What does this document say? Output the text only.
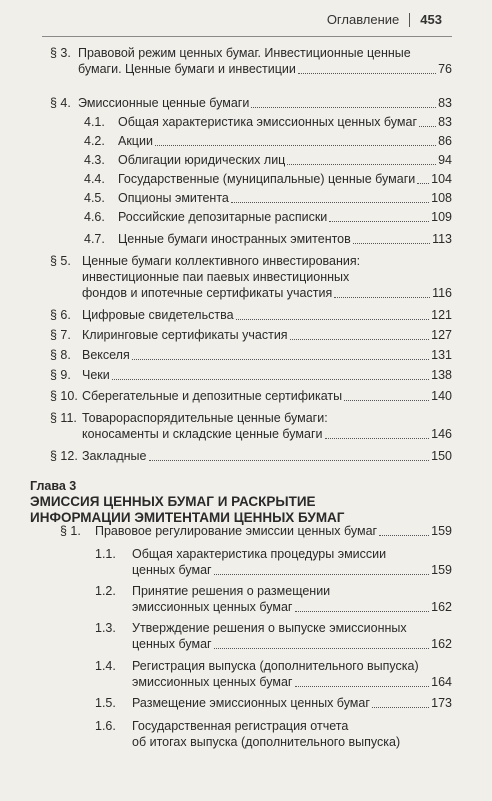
Оглавление 453
§ 3. Правовой режим ценных бумаг. Инвестиционные ценные
бумаги. Ценные бумаги и инвестиции	76
§ 4. Эмиссионные ценные бумаги	83
4.1. Общая характеристика эмиссионных ценных бумаг 83
4.2. Акции	86
4.3. Облигации юридических лиц	94
4.4. Государственные (муниципальные) ценные бумаги 104
4.5. Опционы эмитента	108
4.6. Российские депозитарные расписки	109
4.7. Ценные бумаги иностранных эмитентов	113
§ 5. Ценные бумаги коллективного инвестирования:
инвестиционные паи паевых инвестиционных
фондов и ипотечные сертификаты участия	116
§ 6. Цифровые свидетельства	121
§ 7. Клиринговые сертификаты участия	127
§ 8. Векселя	131
§ 9. Чеки	138
§ 10. Сберегательные и депозитные сертификаты	140
§ 11. Товарораспорядительные ценные бумаги:
коносаменты и складские ценные бумаги	146
§ 12. Закладные	150
§ 1. Правовое регулирование эмиссии ценных бумаг	159
1.1. Общая характеристика процедуры эмиссии
ценных бумаг	159
1.2. Принятие решения о размещении
эмиссионных ценных бумаг	162
1.3. Утверждение решения о выпуске эмиссионных
ценных бумаг	162
1.4. Регистрация выпуска (дополнительного выпуска)
эмиссионных ценных бумаг	164
1.5. Размещение эмиссионных ценных бумаг	173
1.6. Государственная регистрация отчета
об итогах выпуска (дополнительного выпуска)
Глава 3
ЭМИССИЯ ЦЕННЫХ БУМАГ И РАСКРЫТИЕ
ИНФОРМАЦИИ ЭМИТЕНТАМИ ЦЕННЫХ БУМАГ
